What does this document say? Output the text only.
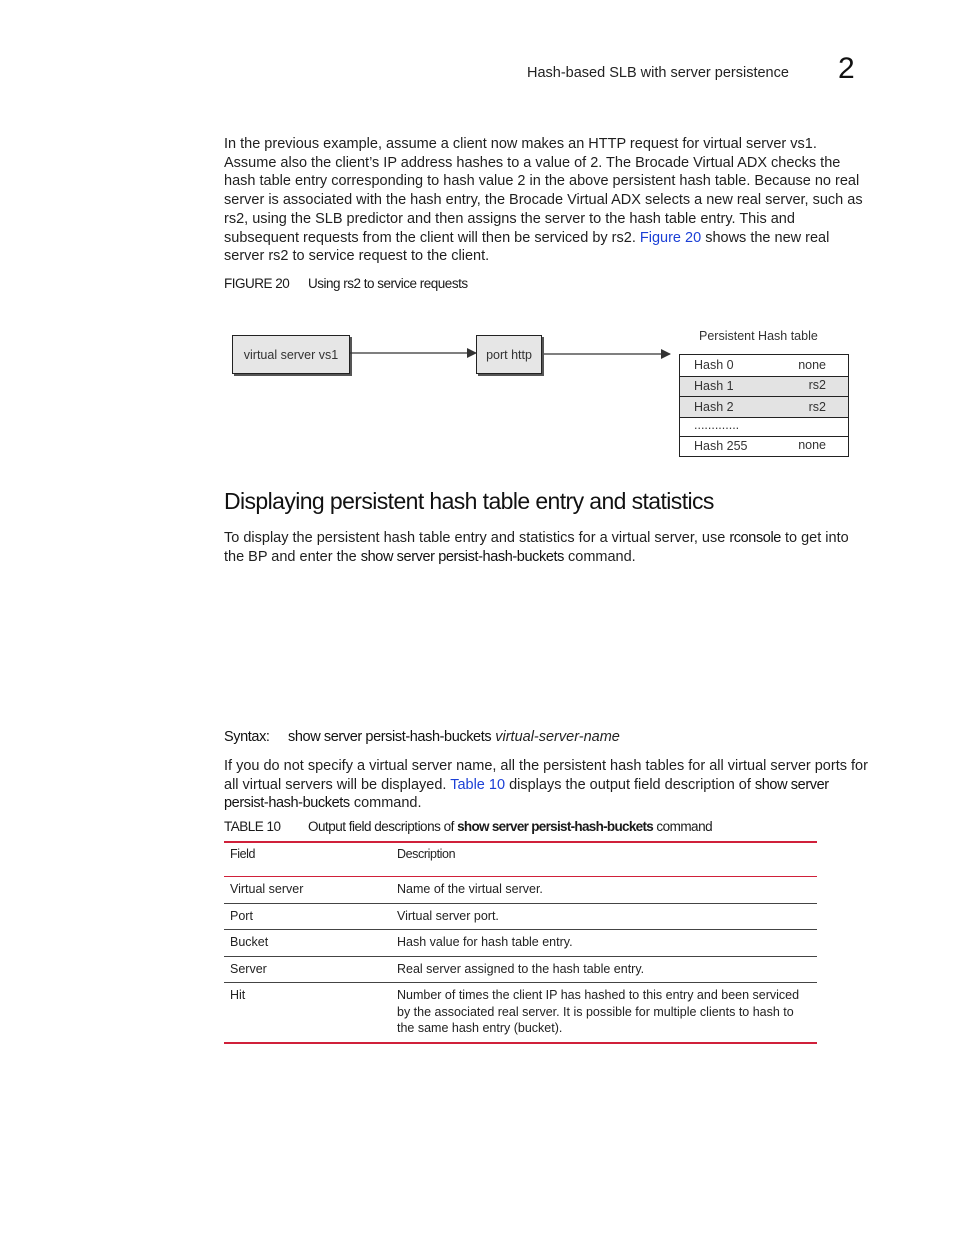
Hash-based SLB with server persistence 2
In the previous example, assume a client now makes an HTTP request for virtual server vs1. Assume also the client’s IP address hashes to a value of 2. The Brocade Virtual ADX checks the hash table entry corresponding to hash value 2 in the above persistent hash table. Because no real server is associated with the hash entry, the Brocade Virtual ADX selects a new real server, such as rs2, using the SLB predictor and then assigns the server to the hash table entry. This and subsequent requests from the client will then be serviced by rs2. Figure 20 shows the new real server rs2 to service request to the client.
FIGURE 20 Using rs2 to service requests
virtual server vs1	port http
Persistent Hash table
Hash 0	none
Hash 1	rs2
Hash 2	rs2
.............
Hash 255	none
Displaying persistent hash table entry and statistics
To display the persistent hash table entry and statistics for a virtual server, use rconsole to get into the BP and enter the show server persist-hash-buckets command.
Syntax: show server persist-hash-buckets virtual-server-name
If you do not specify a virtual server name, all the persistent hash tables for all virtual server ports for all virtual servers will be displayed. Table 10 displays the output field description of show server persist-hash-buckets command.
TABLE 10 Output field descriptions of show server persist-hash-buckets command
Field	Description
Virtual server	Name of the virtual server.
Port	Virtual server port.
Bucket	Hash value for hash table entry.
Server	Real server assigned to the hash table entry.
Hit	Number of times the client IP has hashed to this entry and been serviced by the associated real server. It is possible for multiple clients to hash to the same hash entry (bucket).
